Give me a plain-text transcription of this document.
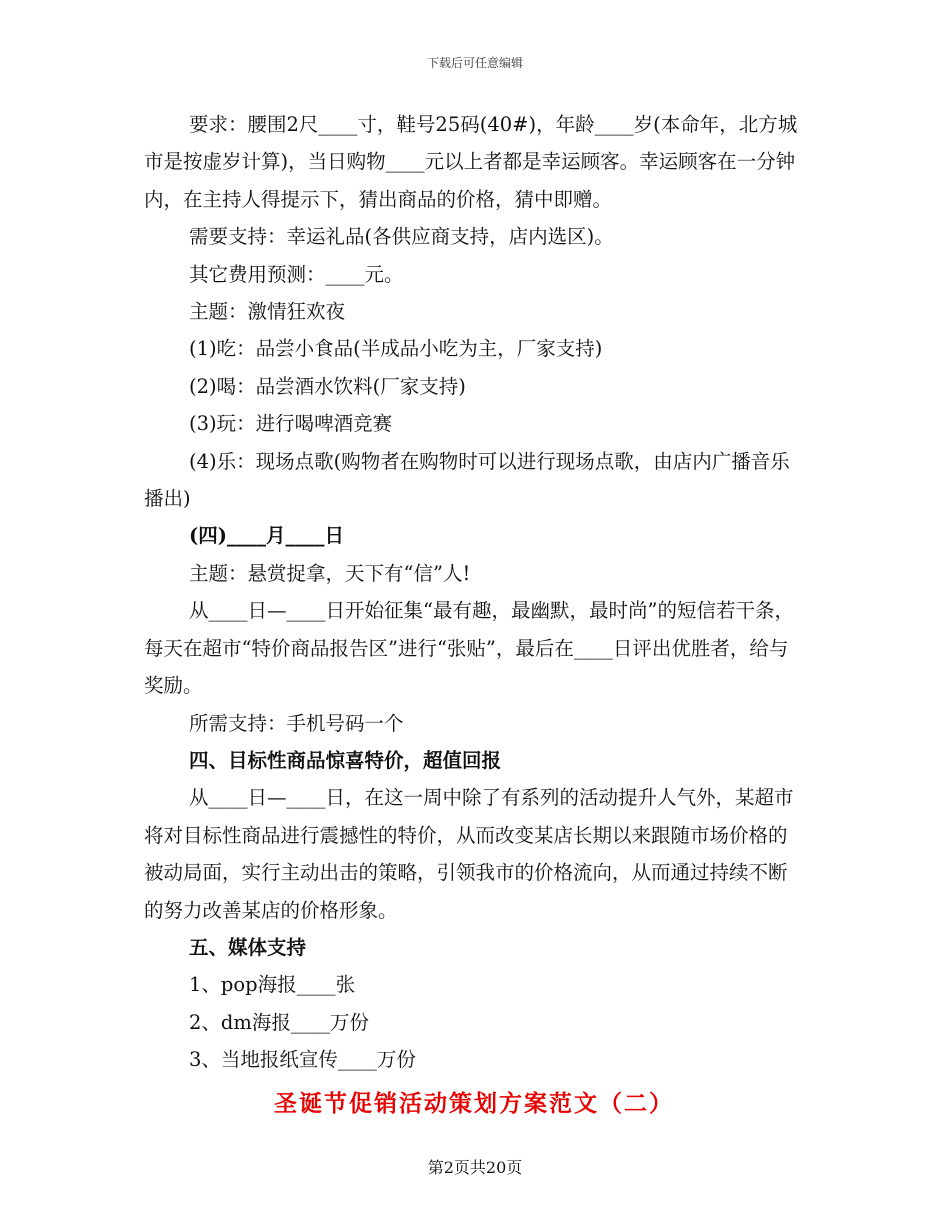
下载后可任意编辑

要求：腰围2尺____寸，鞋号25码(40#)，年龄____岁(本命年，北方城市是按虚岁计算)，当日购物____元以上者都是幸运顾客。幸运顾客在一分钟内，在主持人得提示下，猜出商品的价格，猜中即赠。

需要支持：幸运礼品(各供应商支持，店内选区)。

其它费用预测：____元。

主题：激情狂欢夜

(1)吃：品尝小食品(半成品小吃为主，厂家支持)

(2)喝：品尝酒水饮料(厂家支持)

(3)玩：进行喝啤酒竞赛

(4)乐：现场点歌(购物者在购物时可以进行现场点歌，由店内广播音乐播出)

(四)____月____日

主题：悬赏捉拿，天下有“信”人!

从____日—____日开始征集“最有趣，最幽默，最时尚”的短信若干条，每天在超市“特价商品报告区”进行“张贴”，最后在____日评出优胜者，给与奖励。

所需支持：手机号码一个

四、目标性商品惊喜特价，超值回报

从____日—____日，在这一周中除了有系列的活动提升人气外，某超市将对目标性商品进行震撼性的特价，从而改变某店长期以来跟随市场价格的被动局面，实行主动出击的策略，引领我市的价格流向，从而通过持续不断的努力改善某店的价格形象。

五、媒体支持

1、pop海报____张

2、dm海报____万份

3、当地报纸宣传____万份

圣诞节促销活动策划方案范文（二）

第2页共20页
